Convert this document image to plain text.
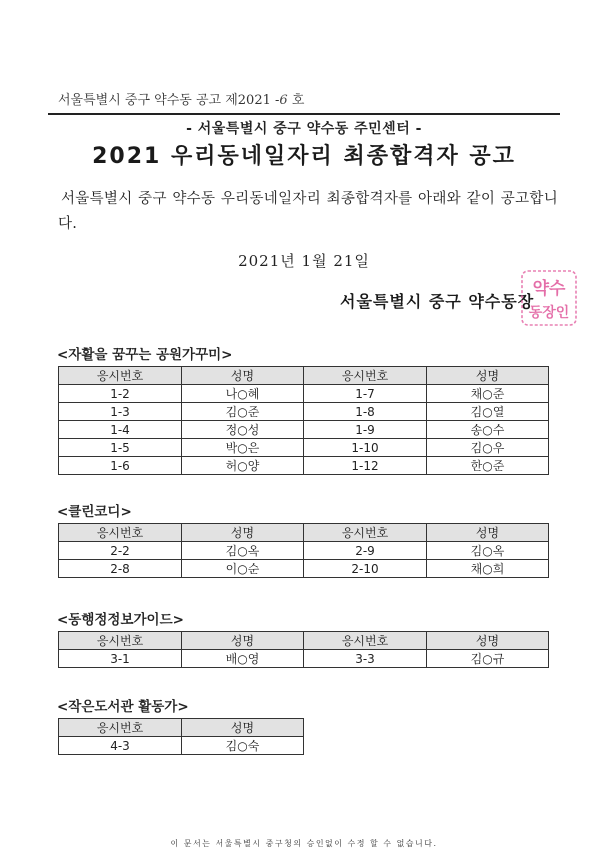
서울특별시 중구 약수동 공고 제2021 -6 호
- 서울특별시 중구 약수동 주민센터 -
2021 우리동네일자리 최종합격자 공고
서울특별시 중구 약수동 우리동네일자리 최종합격자를 아래와 같이 공고합니다.
2021년 1월 21일
서울특별시 중구 약수동장
약수
동장인
<자활을 꿈꾸는 공원가꾸미>
응시번호	성명	응시번호	성명
1-2	나○혜	1-7	채○준
1-3	김○준	1-8	김○열
1-4	정○성	1-9	송○수
1-5	박○은	1-10	김○우
1-6	허○양	1-12	한○준
<클린코디>
응시번호	성명	응시번호	성명
2-2	김○옥	2-9	김○옥
2-8	이○순	2-10	채○희
<동행정정보가이드>
응시번호	성명	응시번호	성명
3-1	배○영	3-3	김○규
<작은도서관 활동가>
응시번호	성명
4-3	김○숙
이 문서는 서울특별시 중구청의 승인없이 수정 할 수 없습니다.
